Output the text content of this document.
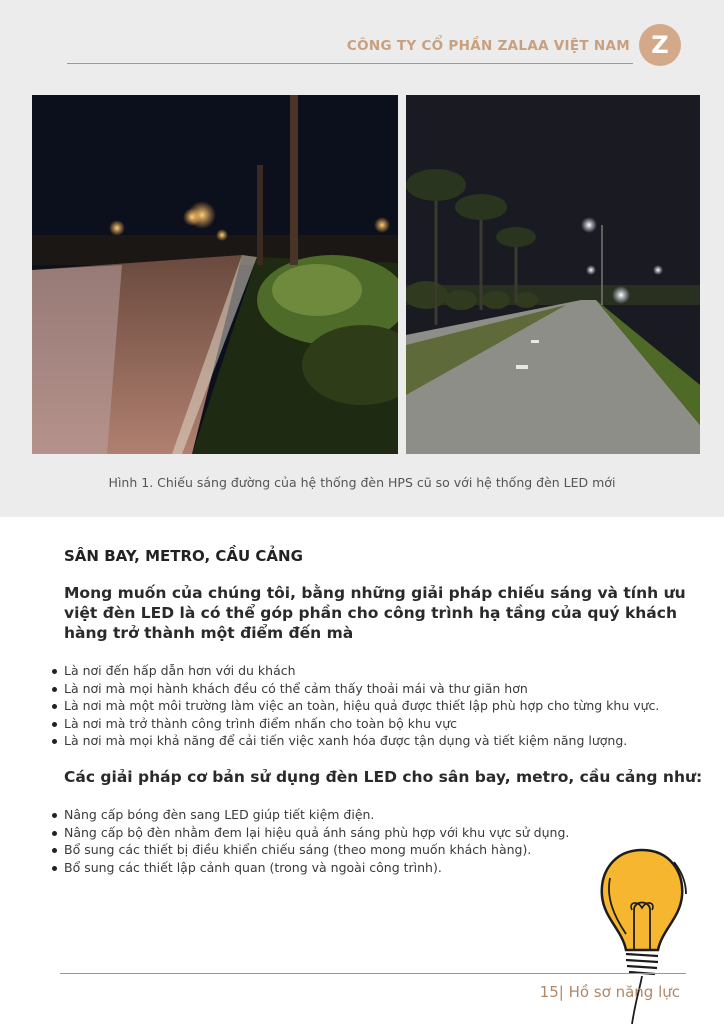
CÔNG TY CỔ PHẦN ZALAA VIỆT NAM Z
Hình 1. Chiếu sáng đường của hệ thống đèn HPS cũ so với hệ thống đèn LED mới
SÂN BAY, METRO, CẦU CẢNG
Mong muốn của chúng tôi, bằng những giải pháp chiếu sáng và tính ưu việt đèn LED là có thể góp phần cho công trình hạ tầng của quý khách hàng trở thành một điểm đến mà
Là nơi đến hấp dẫn hơn với du khách
Là nơi mà mọi hành khách đều có thể cảm thấy thoải mái và thư giãn hơn
Là nơi mà một môi trường làm việc an toàn, hiệu quả được thiết lập phù hợp cho từng khu vực.
Là nơi mà trở thành công trình điểm nhấn cho toàn bộ khu vực
Là nơi mà mọi khả năng để cải tiến việc xanh hóa được tận dụng và tiết kiệm năng lượng.
Các giải pháp cơ bản sử dụng đèn LED cho sân bay, metro, cầu cảng như:
Nâng cấp bóng đèn sang LED giúp tiết kiệm điện.
Nâng cấp bộ đèn nhằm đem lại hiệu quả ánh sáng phù hợp với khu vực sử dụng.
Bổ sung các thiết bị điều khiển chiếu sáng (theo mong muốn khách hàng).
Bổ sung các thiết lập cảnh quan (trong và ngoài công trình).
15| Hồ sơ năng lực
